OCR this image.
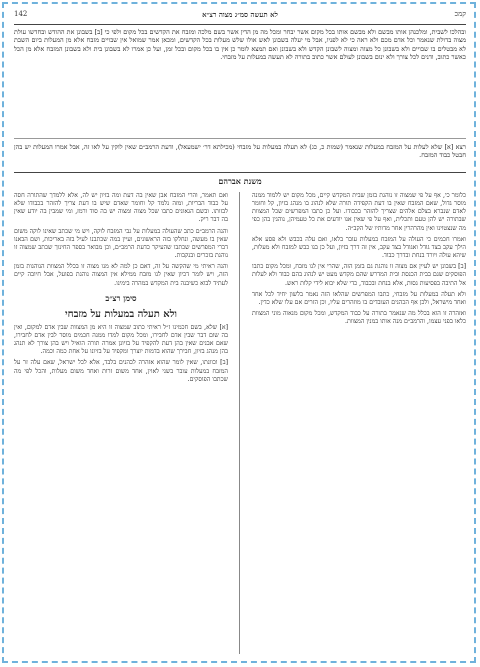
קמכ
לא תעשה סמ״ג מצוה רצ״א
142
ובהלכו לשבית, ומלכנהן אותו מבשם ולא מבשם אותו בכל מקום אשר יבחר ומכל מה מן הדין אשר בשם מלכה ומזבח את הקדשים בכל מקום ולפי כי [ב] בשבונן את ההודש ובחדשו עולת מצוה בדולת שנאמר וכל אדם מכם ולא ראה כי לא לפניו, אבל מי יעלה בשבונן לאש אולו שלש מעלות בכל הקדשים, ומכאן אמר שמואל אין שבויים מזבח אלא מן המעלות ביום השבת לא מבטלים בו שבויים ולא בשבונן כל מצוה ומצוה לשבונן הקדש ולא בשבונן ואם תמצא לומר כן אין בו בכל מקום ובכל זמן, ועל כן אמרו לא בשבונן בית ולא בשבונן המזבח אלא מן הכל כאשר כתוב, ודנים לכל צורך ולא ינום בשבונן לעולם אשר כתוב בתורה לא תעשה במעלות על מזבחי.
רצא [א] שלא לעלות על המזבח במעלות שנאמר (שמות כ, כג) לא תעלה במעלות על מזבחי (מכילתא דר׳ ישמעאל), ודעת הרמב״ם שאין לוקין על לאו זה, אבל אמרו המעלות יש בהן חבטל כבוד המזבח.
משנת אברהם

כלומר כי, אף על פי שמצוה זו נוהגת בזמן שבית המקדש קיים, מכל מקום יש ללמוד ממנה מוסר גדול, שאם המזבח שאין בו דעת הקפידה תורה שלא לנהוג בו מנהג בזיון, קל וחומר לאדם שנברא בצלם אלהים שצריך להזהר בכבודו. ועל כן כתבו המפרשים שכל המצוות שבתורה יש להן טעם ותכלית, ואף על פי שאין אנו יודעים את כל טעמיהן, נוהגין בהן כפי מה שנצטוינו ואין מהרהרין אחר מדותיו של הקב״ה.

ואמרו חכמים כי העולה על המזבח במעלות עובר בלאו, ואם עלה בכבש ולא פסע אלא הילך עקב בצד גודל ואגודל בצד עקב, אין זה דרך בזיון, ועל כן בנו כבש למזבח ולא מעלות, שיהא עולה ויורד בנחת ובדרך כבוד.

[ב] בשבונן יש לעיין אם מצוה זו נוהגת גם בזמן הזה, שהרי אין לנו מזבח, ומכל מקום כתבו הפוסקים שגם בבית הכנסת ובית המדרש שהם מקדש מעט יש לנהוג בהם כבוד ולא לעלות אל התיבה בפסיעות גסות, אלא בנחת ובכבוד, כדי שלא יבוא לידי קלות ראש.

ולא תעלה במעלות על מזבחי, כתבו המפרשים שהלאו הזה נאמר בלשון יחיד לכל אחד ואחד מישראל, ולכן אף הכהנים העובדים בו מוזהרים עליו, וכן הזרים אם עלו שלא כדין.

ואזהרה זו הוא בכלל מה שנאמר בתורה על כבוד המקדש, ומכל מקום מנאוה מוני המצוות כלאו בפני עצמו, והרמב״ם מנה אותו במנין המצוות.

ואם תאמר, והרי המזבח אבן שאין בה דעת ומה בזיון יש לה, אלא ללמדך שהתורה חסה על כבוד הבריות, ומזה נלמד קל וחומר שאדם שיש בו דעת צריך להזהר בכבודו שלא לבזותו. ובשם הגאונים כתבו שכל מצוה ומצוה יש בה סוד ורמז, ומי שמבין בה יודע שאין בה דבר ריק.

והנה הרמב״ם כתב שהעולה במעלות על גבי המזבח לוקה, ויש מי שכתב שאינו לוקה משום שאין בו מעשה, ונחלקו בזה הראשונים, ועיין במה שכתבנו לעיל בזה באריכות, ושם הבאנו דברי המפרשים שכתבו שהעיקר כדעת הרמב״ם, וכן מבואר בספר החינוך שכתב שמצוה זו נוהגת בזכרים ובנקבות.

והנה ראיתי מי שהקשה על זה, דאם כן למה לא מנו מצוה זו בכלל המצוות הנוהגות בזמן הזה, ויש לומר דכיון שאין לנו מזבח ממילא אין המצוה נוהגת בפועל, אבל חיובה קיים לעתיד לבוא כשיבנה בית המקדש במהרה בימינו.

סימן רצ״ב
ולא תעלה במעלות על מזבחי

[א] שלא, בשם חכמינו ז״ל ראיתי כתוב שמצוה זו היא מן המצוות שבין אדם למקום, ואין בה שום דבר שבין אדם לחבירו, ומכל מקום למדו ממנה חכמים מוסר לבין אדם לחבירו, שאם אבנים שאין בהן דעת להקפיד על בזיונן אמרה תורה הואיל ויש בהן צורך לא תנהג בהן מנהג בזיון, חבירך שהוא בדמות יוצרך ומקפיד על בזיונו על אחת כמה וכמה.

[ב] וכוונתו, שאין לומר שהוא אזהרה לכהנים בלבד, אלא לכל ישראל, שאם עלה זר על המזבח במעלות עובר בשני לאוין, אחד משום זרות ואחד משום מעלות, והכל לפי מה שכתבו הפוסקים.
